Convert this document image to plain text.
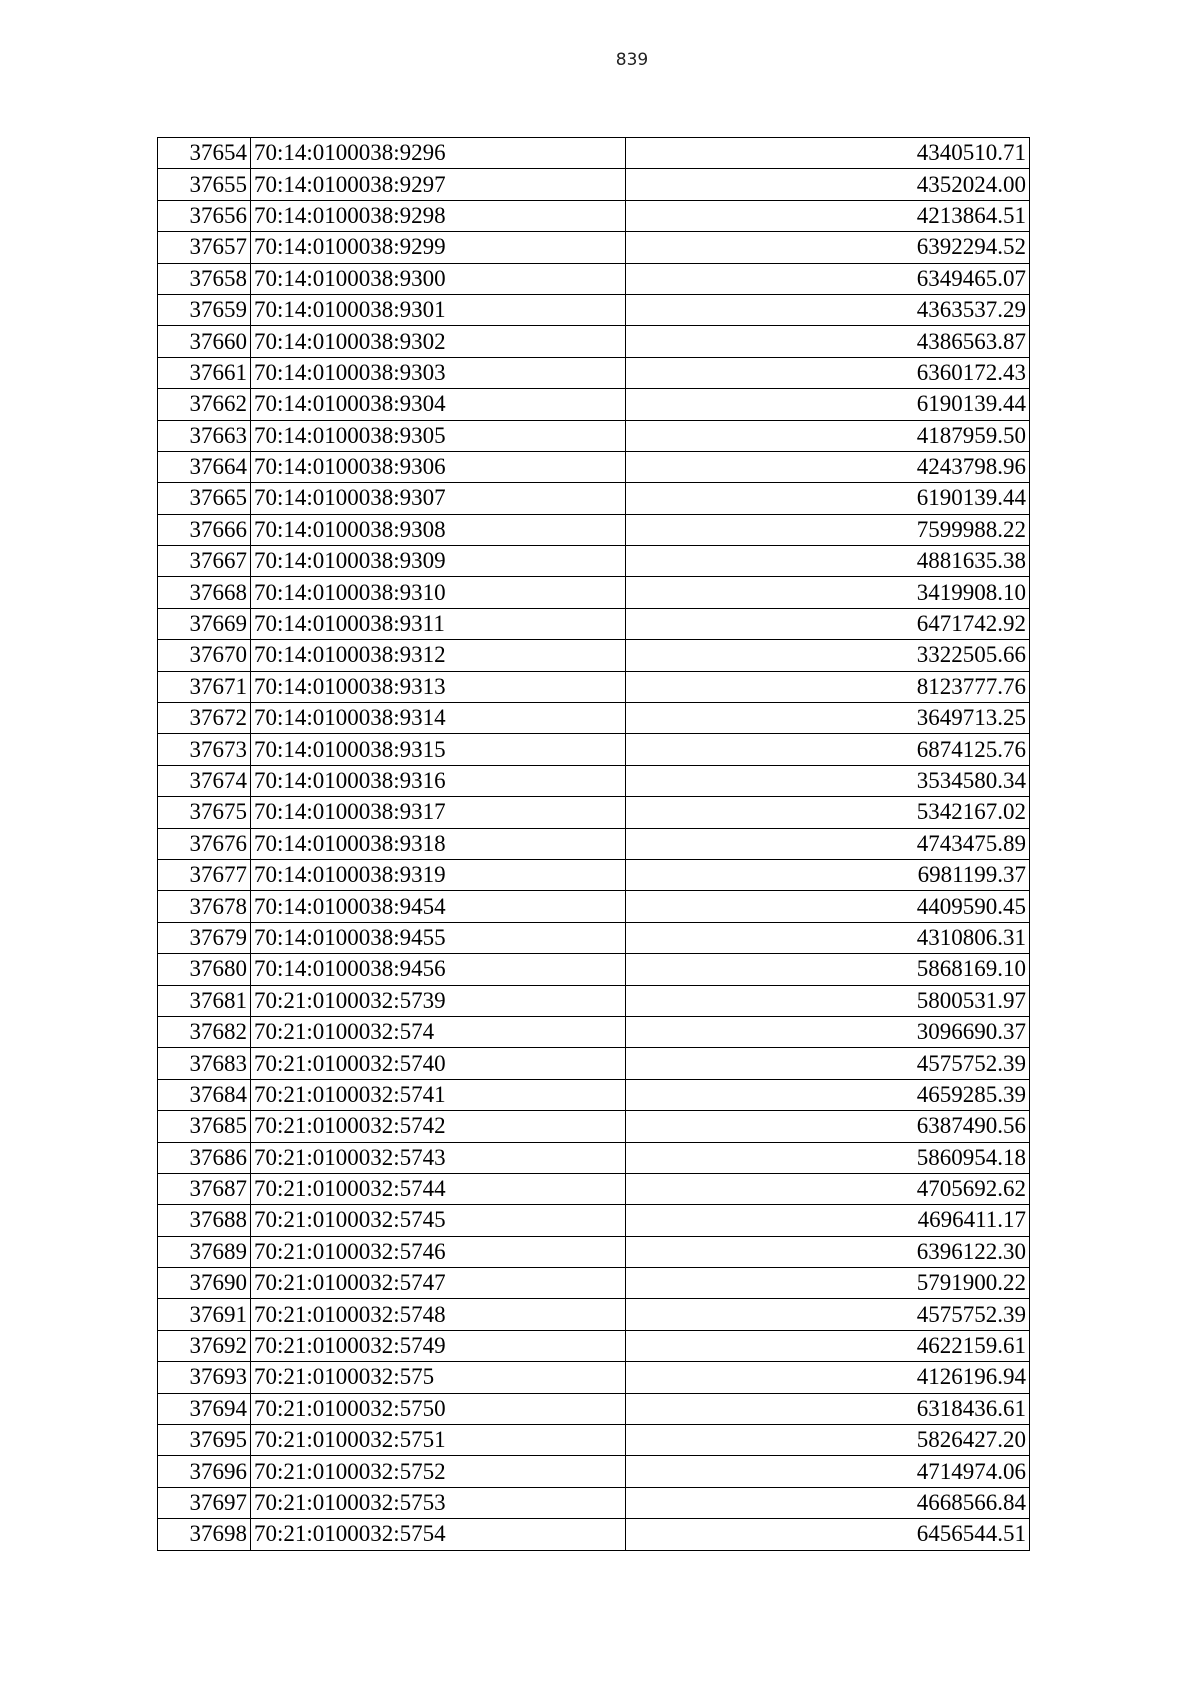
839
37654	70:14:0100038:9296	4340510.71
37655	70:14:0100038:9297	4352024.00
37656	70:14:0100038:9298	4213864.51
37657	70:14:0100038:9299	6392294.52
37658	70:14:0100038:9300	6349465.07
37659	70:14:0100038:9301	4363537.29
37660	70:14:0100038:9302	4386563.87
37661	70:14:0100038:9303	6360172.43
37662	70:14:0100038:9304	6190139.44
37663	70:14:0100038:9305	4187959.50
37664	70:14:0100038:9306	4243798.96
37665	70:14:0100038:9307	6190139.44
37666	70:14:0100038:9308	7599988.22
37667	70:14:0100038:9309	4881635.38
37668	70:14:0100038:9310	3419908.10
37669	70:14:0100038:9311	6471742.92
37670	70:14:0100038:9312	3322505.66
37671	70:14:0100038:9313	8123777.76
37672	70:14:0100038:9314	3649713.25
37673	70:14:0100038:9315	6874125.76
37674	70:14:0100038:9316	3534580.34
37675	70:14:0100038:9317	5342167.02
37676	70:14:0100038:9318	4743475.89
37677	70:14:0100038:9319	6981199.37
37678	70:14:0100038:9454	4409590.45
37679	70:14:0100038:9455	4310806.31
37680	70:14:0100038:9456	5868169.10
37681	70:21:0100032:5739	5800531.97
37682	70:21:0100032:574	3096690.37
37683	70:21:0100032:5740	4575752.39
37684	70:21:0100032:5741	4659285.39
37685	70:21:0100032:5742	6387490.56
37686	70:21:0100032:5743	5860954.18
37687	70:21:0100032:5744	4705692.62
37688	70:21:0100032:5745	4696411.17
37689	70:21:0100032:5746	6396122.30
37690	70:21:0100032:5747	5791900.22
37691	70:21:0100032:5748	4575752.39
37692	70:21:0100032:5749	4622159.61
37693	70:21:0100032:575	4126196.94
37694	70:21:0100032:5750	6318436.61
37695	70:21:0100032:5751	5826427.20
37696	70:21:0100032:5752	4714974.06
37697	70:21:0100032:5753	4668566.84
37698	70:21:0100032:5754	6456544.51
